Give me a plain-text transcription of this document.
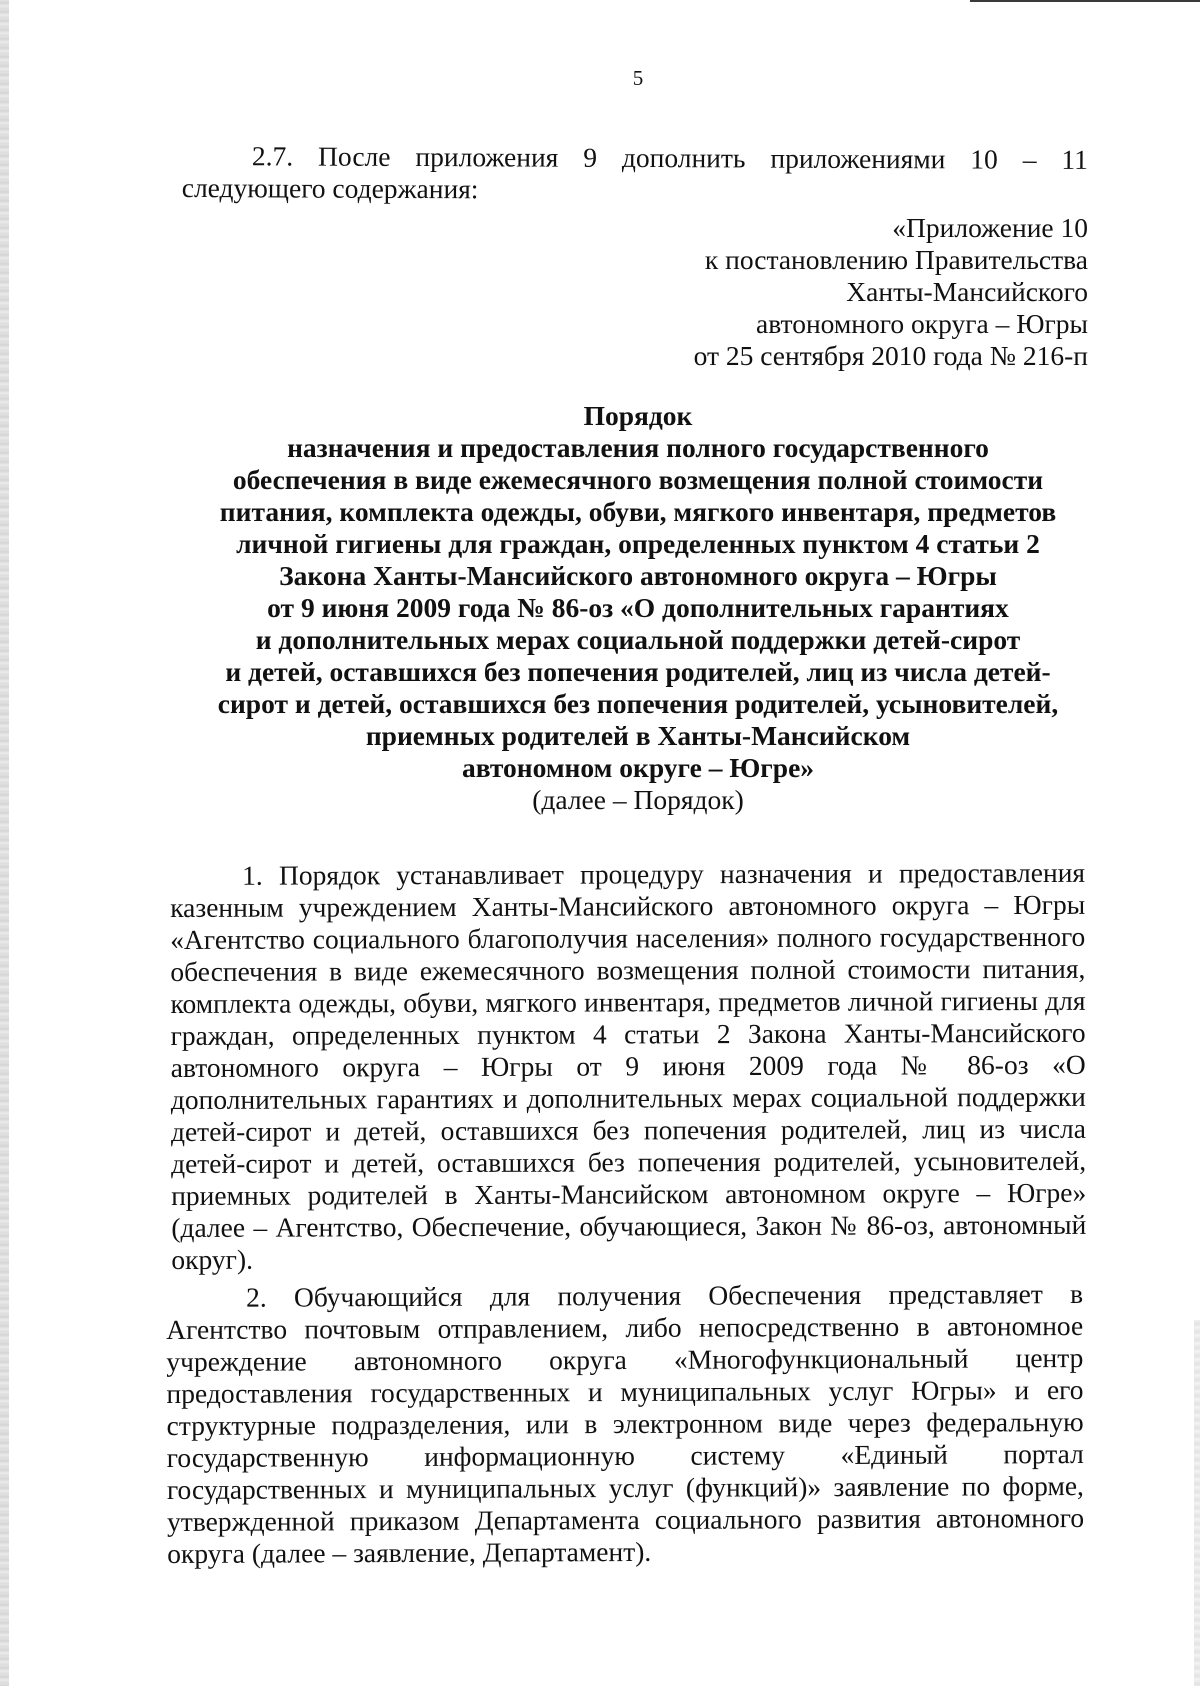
5
2.7. После приложения 9 дополнить приложениями 10 – 11 следующего содержания:
«Приложение 10
к постановлению Правительства
Ханты-Мансийского
автономного округа – Югры
от 25 сентября 2010 года № 216-п
Порядок
назначения и предоставления полного государственного
обеспечения в виде ежемесячного возмещения полной стоимости
питания, комплекта одежды, обуви, мягкого инвентаря, предметов
личной гигиены для граждан, определенных пунктом 4 статьи 2
Закона Ханты-Мансийского автономного округа – Югры
от 9 июня 2009 года № 86-оз «О дополнительных гарантиях
и дополнительных мерах социальной поддержки детей-сирот
и детей, оставшихся без попечения родителей, лиц из числа детей-
сирот и детей, оставшихся без попечения родителей, усыновителей,
приемных родителей в Ханты-Мансийском
автономном округе – Югре»
(далее – Порядок)
1. Порядок устанавливает процедуру назначения и предоставления казенным учреждением Ханты-Мансийского автономного округа – Югры «Агентство социального благополучия населения» полного государственного обеспечения в виде ежемесячного возмещения полной стоимости питания, комплекта одежды, обуви, мягкого инвентаря, предметов личной гигиены для граждан, определенных пунктом 4 статьи 2 Закона Ханты-Мансийского автономного округа – Югры от 9 июня 2009 года № 86-оз «О дополнительных гарантиях и дополнительных мерах социальной поддержки детей-сирот и детей, оставшихся без попечения родителей, лиц из числа детей-сирот и детей, оставшихся без попечения родителей, усыновителей, приемных родителей в Ханты-Мансийском автономном округе – Югре» (далее – Агентство, Обеспечение, обучающиеся, Закон № 86-оз, автономный округ).
2. Обучающийся для получения Обеспечения представляет в Агентство почтовым отправлением, либо непосредственно в автономное учреждение автономного округа «Многофункциональный центр предоставления государственных и муниципальных услуг Югры» и его структурные подразделения, или в электронном виде через федеральную государственную информационную систему «Единый портал государственных и муниципальных услуг (функций)» заявление по форме, утвержденной приказом Департамента социального развития автономного округа (далее – заявление, Департамент).
